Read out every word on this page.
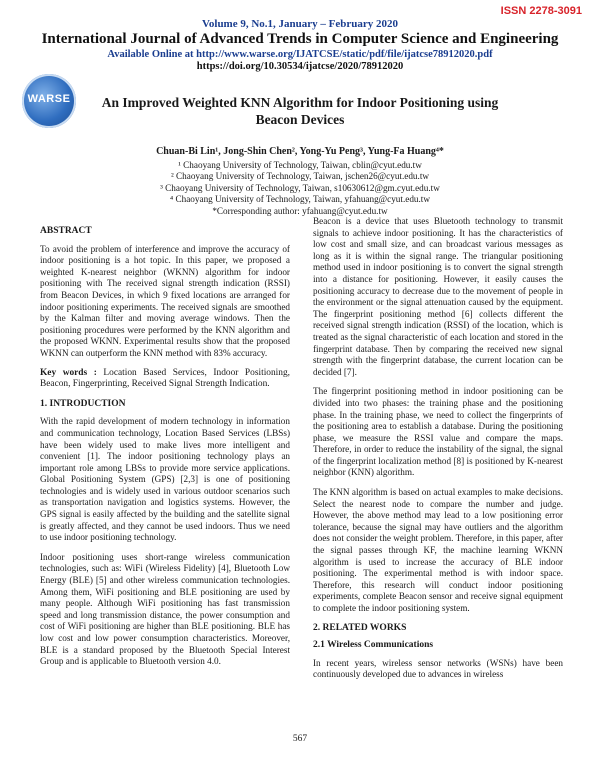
ISSN 2278-3091
Volume 9, No.1, January – February 2020
International Journal of Advanced Trends in Computer Science and Engineering
Available Online at http://www.warse.org/IJATCSE/static/pdf/file/ijatcse78912020.pdf
https://doi.org/10.30534/ijatcse/2020/78912020
WARSE	An Improved Weighted KNN Algorithm for Indoor Positioning using Beacon Devices
Chuan-Bi Lin¹, Jong-Shin Chen², Yong-Yu Peng³, Yung-Fa Huang⁴*
¹ Chaoyang University of Technology, Taiwan, cblin@cyut.edu.tw
² Chaoyang University of Technology, Taiwan, jschen26@cyut.edu.tw
³ Chaoyang University of Technology, Taiwan, s10630612@gm.cyut.edu.tw
⁴ Chaoyang University of Technology, Taiwan, yfahuang@cyut.edu.tw
*Corresponding author: yfahuang@cyut.edu.tw
ABSTRACT

To avoid the problem of interference and improve the accuracy of indoor positioning is a hot topic. In this paper, we proposed a weighted K-nearest neighbor (WKNN) algorithm for indoor positioning with The received signal strength indication (RSSI) from Beacon Devices, in which 9 fixed locations are arranged for indoor positioning experiments. The received signals are smoothed by the Kalman filter and moving average windows. Then the positioning procedures were performed by the KNN algorithm and the proposed WKNN. Experimental results show that the proposed WKNN can outperform the KNN method with 83% accuracy.

Key words : Location Based Services, Indoor Positioning, Beacon, Fingerprinting, Received Signal Strength Indication.

1. INTRODUCTION

With the rapid development of modern technology in information and communication technology, Location Based Services (LBSs) have been widely used to make lives more intelligent and convenient [1]. The indoor positioning technology plays an important role among LBSs to provide more service applications. Global Positioning System (GPS) [2,3] is one of positioning technologies and is widely used in various outdoor scenarios such as transportation navigation and logistics systems. However, the GPS signal is easily affected by the building and the satellite signal is greatly affected, and they cannot be used indoors. Thus we need to use indoor positioning technology.

Indoor positioning uses short-range wireless communication technologies, such as: WiFi (Wireless Fidelity) [4], Bluetooth Low Energy (BLE) [5] and other wireless communication technologies. Among them, WiFi positioning and BLE positioning are used by many people. Although WiFi positioning has fast transmission speed and long transmission distance, the power consumption and cost of WiFi positioning are higher than BLE positioning. BLE has low cost and low power consumption characteristics. Moreover, BLE is a standard proposed by the Bluetooth Special Interest Group and is applicable to Bluetooth version 4.0.

Beacon is a device that uses Bluetooth technology to transmit signals to achieve indoor positioning. It has the characteristics of low cost and small size, and can broadcast various messages as long as it is within the signal range. The triangular positioning method used in indoor positioning is to convert the signal strength into a distance for positioning. However, it easily causes the positioning accuracy to decrease due to the movement of people in the environment or the signal attenuation caused by the equipment. The fingerprint positioning method [6] collects different the received signal strength indication (RSSI) of the location, which is treated as the signal characteristic of each location and stored in the fingerprint database. Then by comparing the received new signal strength with the fingerprint database, the current location can be decided [7].

The fingerprint positioning method in indoor positioning can be divided into two phases: the training phase and the positioning phase. In the training phase, we need to collect the fingerprints of the positioning area to establish a database. During the positioning phase, we measure the RSSI value and compare the maps. Therefore, in order to reduce the instability of the signal, the signal of the fingerprint localization method [8] is positioned by K-nearest neighbor (KNN) algorithm.

The KNN algorithm is based on actual examples to make decisions. Select the nearest node to compare the number and judge. However, the above method may lead to a low positioning error tolerance, because the signal may have outliers and the algorithm does not consider the weight problem. Therefore, in this paper, after the signal passes through KF, the machine learning WKNN algorithm is used to increase the accuracy of BLE indoor positioning. The experimental method is with indoor space. Therefore, this research will conduct indoor positioning experiments, complete Beacon sensor and receive signal equipment to complete the indoor positioning system.

2. RELATED WORKS
2.1 Wireless Communications

In recent years, wireless sensor networks (WSNs) have been continuously developed due to advances in wireless

567
